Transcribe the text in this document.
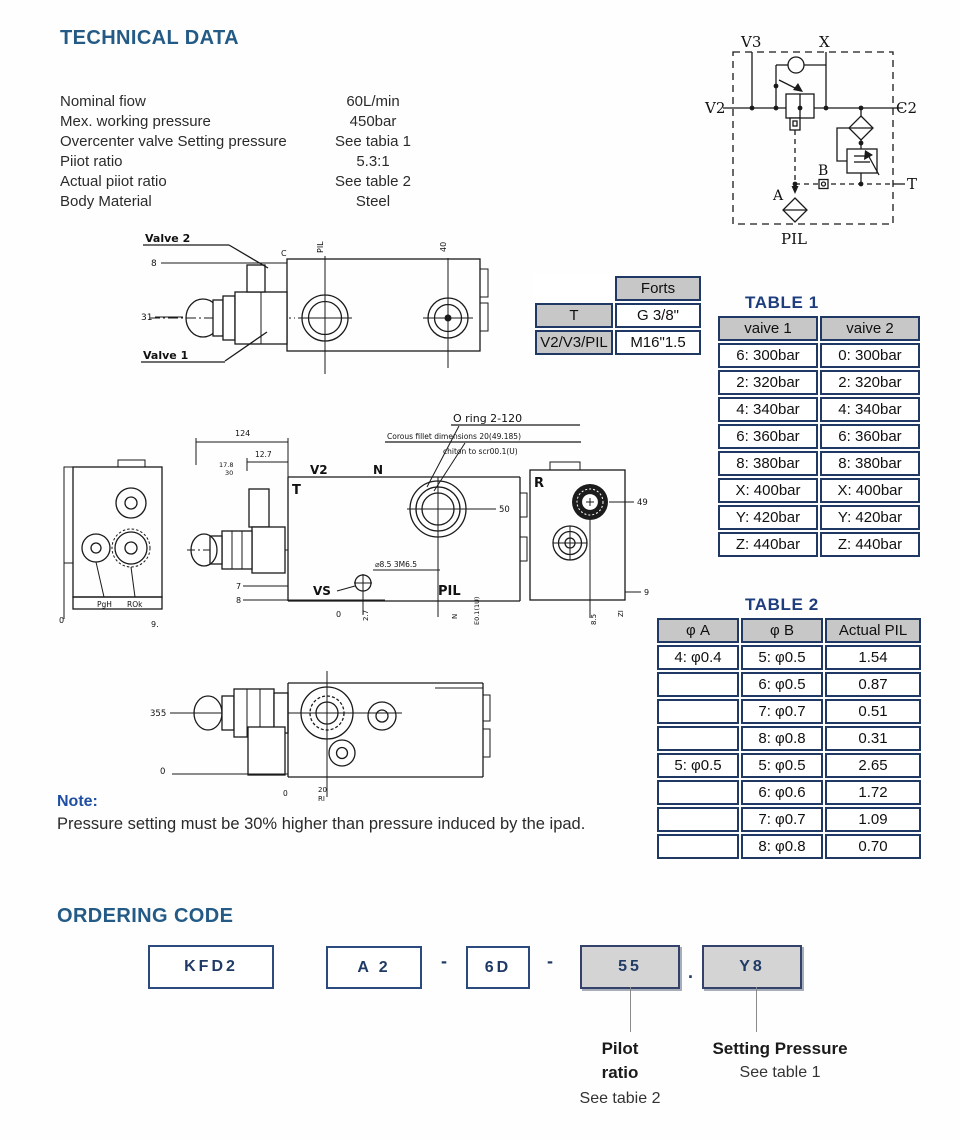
TECHNICAL DATA
Nominal fiow	60L/min
Mex. working pressure	450bar
Overcenter valve Setting pressure	See tabia 1
Piiot ratio	5.3:1
Actual piiot ratio	See table 2
Body Material	Steel
V3	X
V2	C2
B
T
A
PIL
Valve 2
8
31
Valve 1
C
PIL	40
	Forts
T	G 3/8"
V2/V3/PIL	M16"1.5
TABLE 1
vaive 1	vaive 2
6: 300bar	0: 300bar
2: 320bar	2: 320bar
4: 340bar	4: 340bar
6: 360bar	6: 360bar
8: 380bar	8: 380bar
X: 400bar	X: 400bar
Y: 420bar	Y: 420bar
Z: 440bar	Z: 440bar
PgH ROk
0	9.
124
12.7
17.8
30	V2	N
T
7
8
VS
⌀8.5 3M6.5
50
PIL
O ring 2-120
Corous fillet dimensions 20(49.185)
chiton to scr00.1(U)
N E0.1(1U)
2.7
0
R
49
9
8.5
ZI	TABLE 2
φ A	φ B	Actual PIL
4: φ0.4	5: φ0.5	1.54
	6: φ0.5	0.87
	7: φ0.7	0.51
	8: φ0.8	0.31
5: φ0.5	5: φ0.5	2.65
	6: φ0.6	1.72
	7: φ0.7	1.09
	8: φ0.8	0.70
355
0
0	20
RI
Note:
Pressure setting must be 30% higher than pressure induced by the ipad.
ORDERING CODE
KFD2	A 2	-	6D	-	55	.	Y8
Pilot
ratio
See tabie 2
Setting Pressure
See table 1
